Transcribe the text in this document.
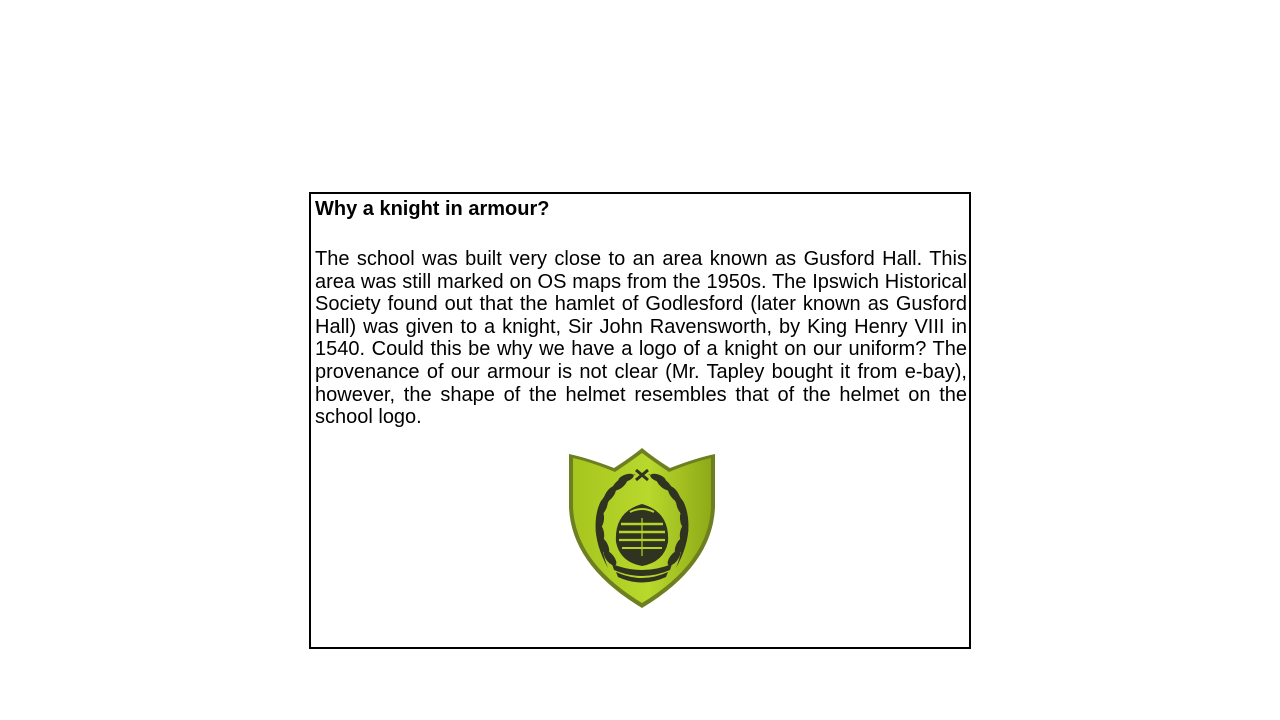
Why a knight in armour?

The school was built very close to an area known as Gusford Hall. This area was still marked on OS maps from the 1950s. The Ipswich Historical Society found out that the hamlet of Godlesford (later known as Gusford Hall) was given to a knight, Sir John Ravensworth, by King Henry VIII in 1540. Could this be why we have a logo of a knight on our uniform? The provenance of our armour is not clear (Mr. Tapley bought it from e-bay), however, the shape of the helmet resembles that of the helmet on the school logo.
